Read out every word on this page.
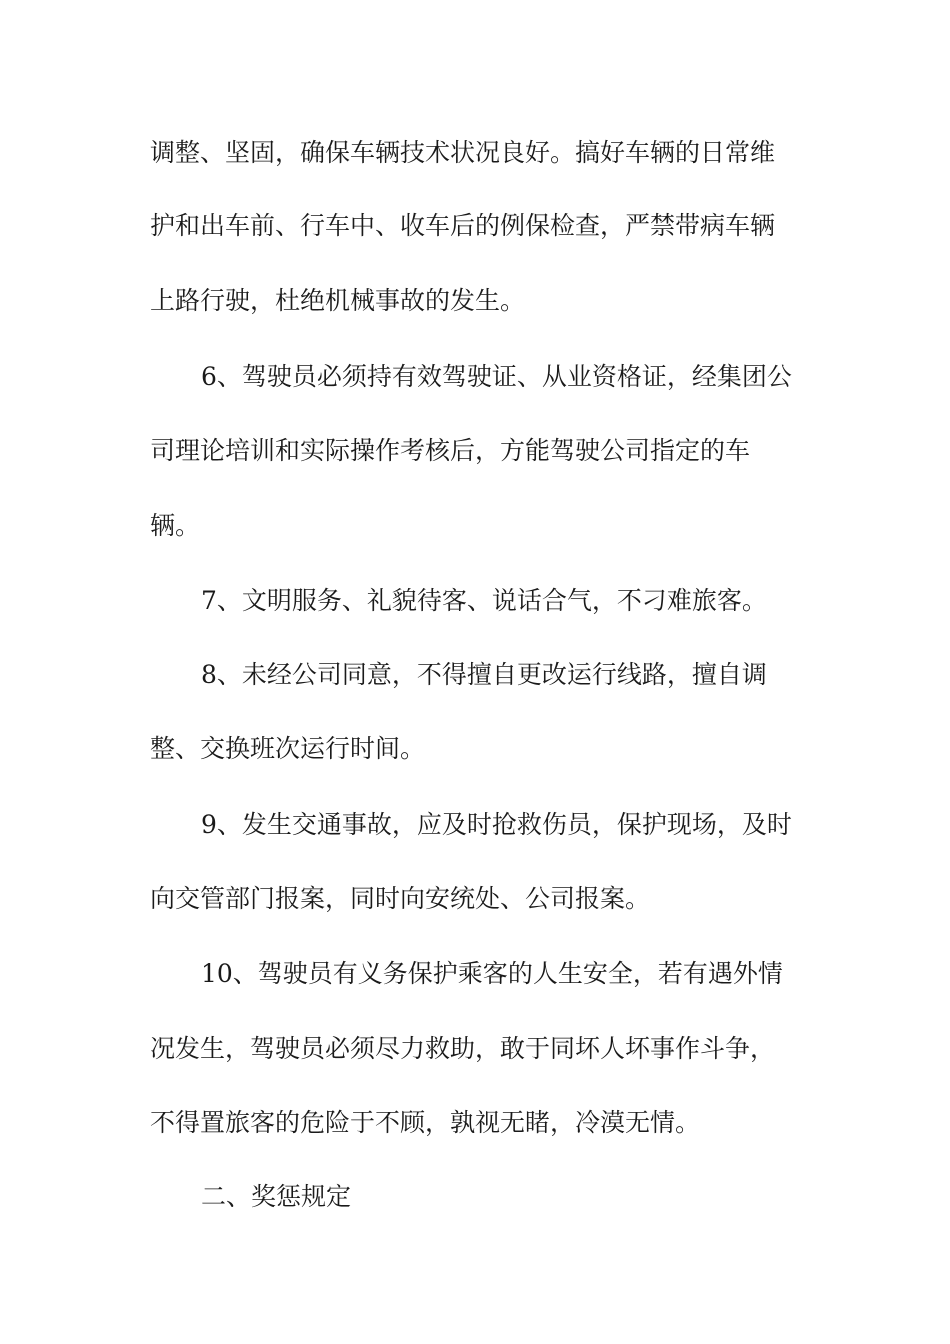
调整、坚固，确保车辆技术状况良好。搞好车辆的日常维
护和出车前、行车中、收车后的例保检查，严禁带病车辆
上路行驶，杜绝机械事故的发生。
6、驾驶员必须持有效驾驶证、从业资格证，经集团公
司理论培训和实际操作考核后，方能驾驶公司指定的车
辆。
7、文明服务、礼貌待客、说话合气，不刁难旅客。
8、未经公司同意，不得擅自更改运行线路，擅自调
整、交换班次运行时间。
9、发生交通事故，应及时抢救伤员，保护现场，及时
向交管部门报案，同时向安统处、公司报案。
10、驾驶员有义务保护乘客的人生安全，若有遇外情
况发生，驾驶员必须尽力救助，敢于同坏人坏事作斗争，
不得置旅客的危险于不顾，孰视无睹，冷漠无情。
二、奖惩规定
